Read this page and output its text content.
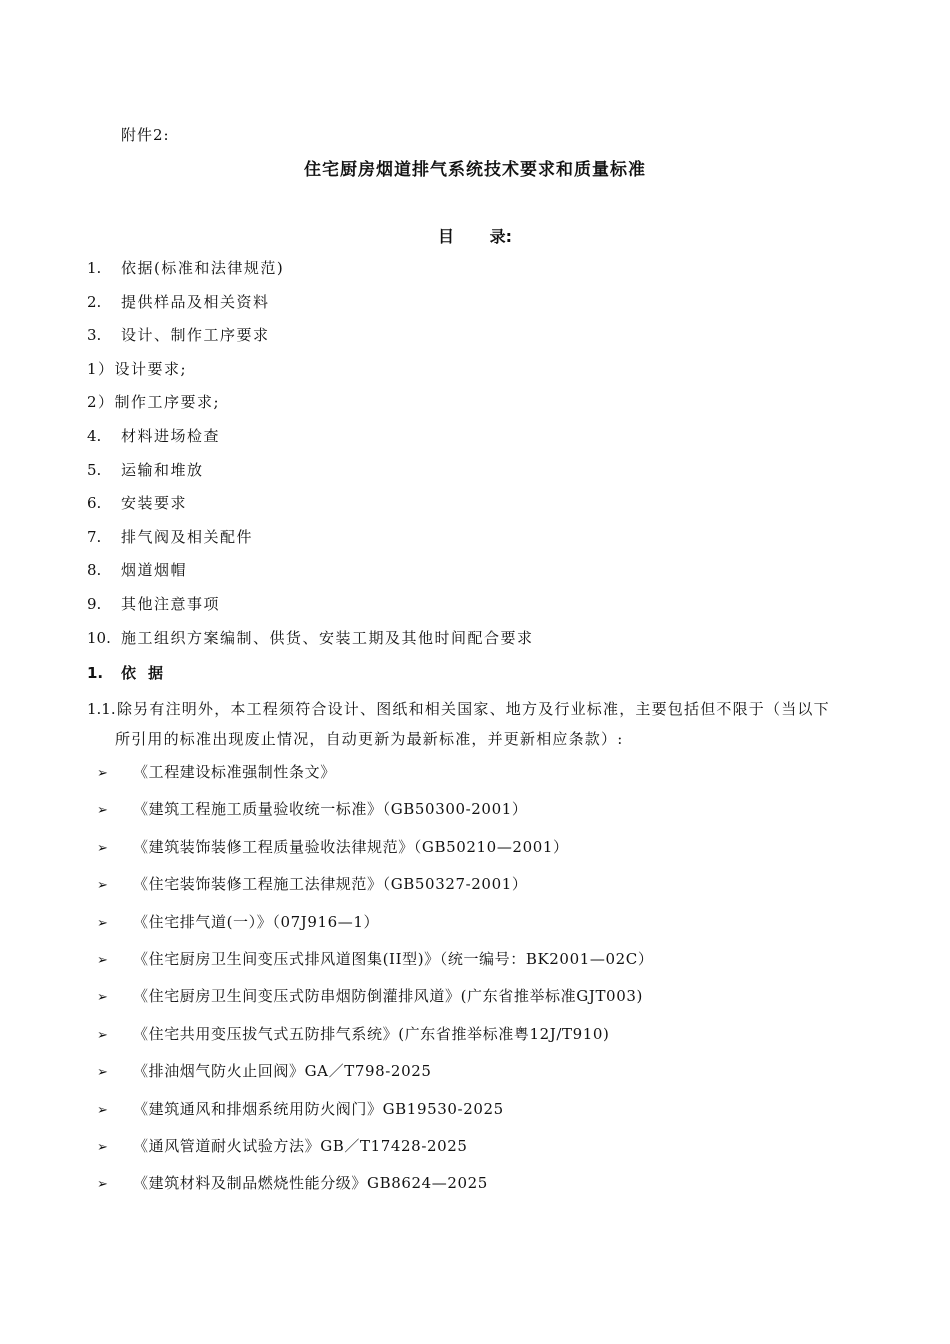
附件2:
住宅厨房烟道排气系统技术要求和质量标准
目 录:
1. 依据(标准和法律规范)
2. 提供样品及相关资料
3. 设计、制作工序要求
1）设计要求;
2）制作工序要求;
4. 材料进场检查
5. 运输和堆放
6. 安装要求
7. 排气阀及相关配件
8. 烟道烟帽
9. 其他注意事项
10. 施工组织方案编制、供货、安装工期及其他时间配合要求
1. 依据
1.1.除另有注明外，本工程须符合设计、图纸和相关国家、地方及行业标准，主要包括但不限于（当以下
所引用的标准出现废止情况，自动更新为最新标准，并更新相应条款）:
➢ 《工程建设标准强制性条文》
➢ 《建筑工程施工质量验收统一标准》（GB50300-2001）
➢ 《建筑装饰装修工程质量验收法律规范》（GB50210—2001）
➢ 《住宅装饰装修工程施工法律规范》（GB50327-2001）
➢ 《住宅排气道(一）》（07J916—1）
➢ 《住宅厨房卫生间变压式排风道图集(II型)》（统一编号：BK2001—02C）
➢ 《住宅厨房卫生间变压式防串烟防倒灌排风道》(广东省推举标准GJT003)
➢ 《住宅共用变压拔气式五防排气系统》(广东省推举标准粤12J/T910)
➢ 《排油烟气防火止回阀》GA／T798-2025
➢ 《建筑通风和排烟系统用防火阀门》GB19530-2025
➢ 《通风管道耐火试验方法》GB／T17428-2025
➢ 《建筑材料及制品燃烧性能分级》GB8624—2025
